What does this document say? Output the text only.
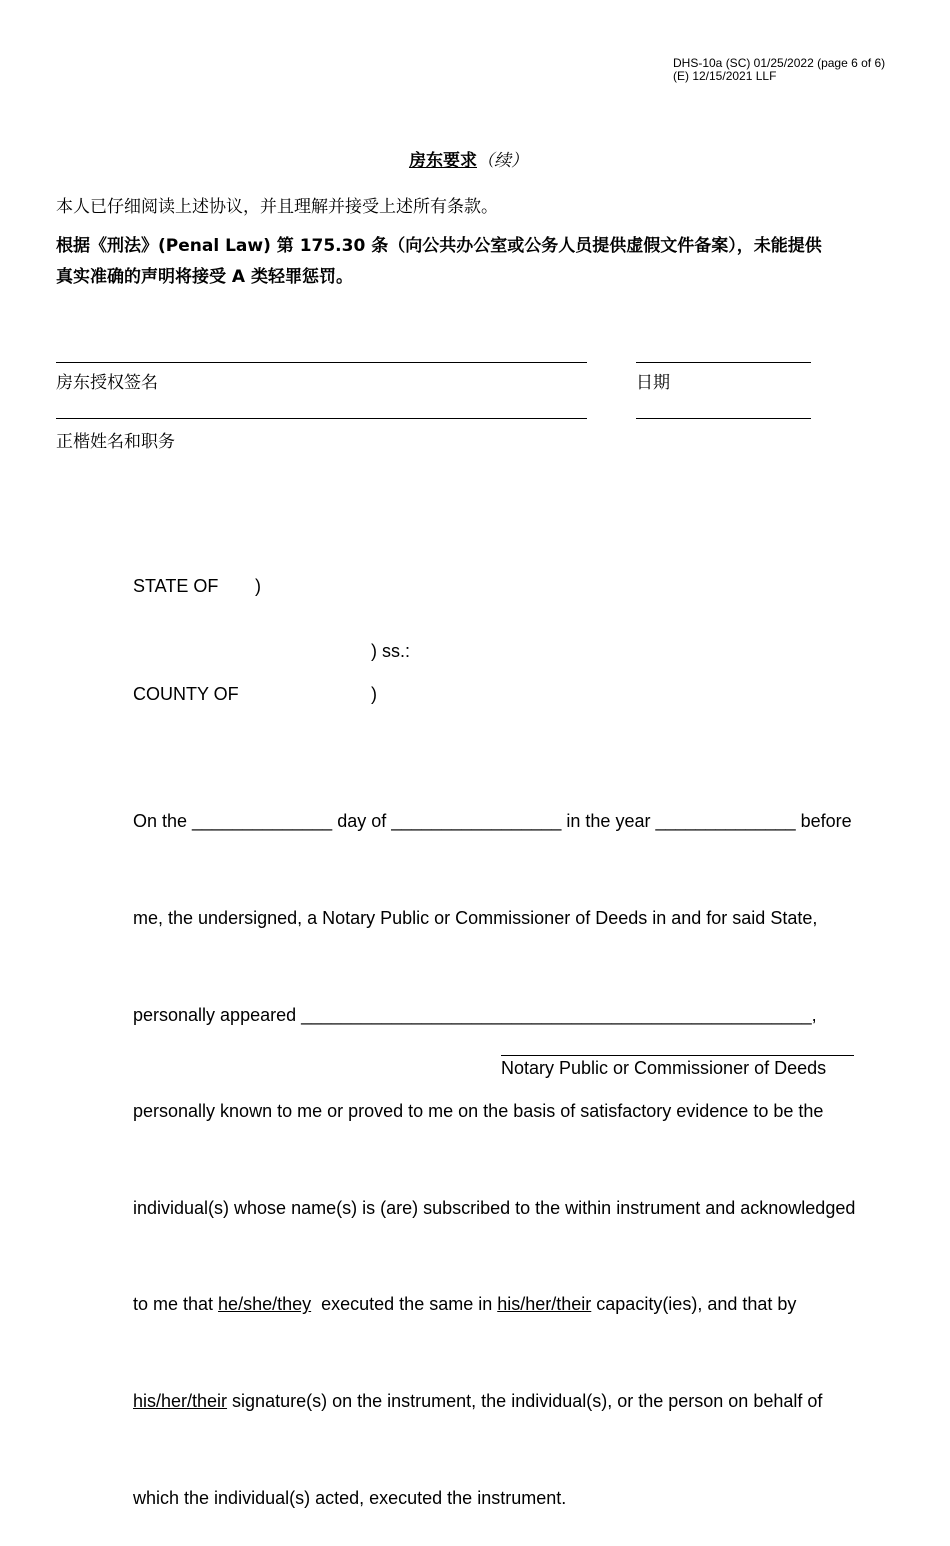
DHS-10a (SC) 01/25/2022 (page 6 of 6)
(E) 12/15/2021 LLF
房东要求（续）
本人已仔细阅读上述协议，并且理解并接受上述所有条款。
根据《刑法》(Penal Law) 第 175.30 条（向公共办公室或公务人员提供虚假文件备案），未能提供
真实准确的声明将接受 A 类轻罪惩罚。
房东授权签名	日期
正楷姓名和职务
STATE OF )
) ss.:
COUNTY OF	)

On the ______________ day of _________________ in the year ______________ before

me, the undersigned, a Notary Public or Commissioner of Deeds in and for said State,

personally appeared ___________________________________________________,

personally known to me or proved to me on the basis of satisfactory evidence to be the

individual(s) whose name(s) is (are) subscribed to the within instrument and acknowledged

to me that he/she/they  executed the same in his/her/their capacity(ies), and that by

his/her/their signature(s) on the instrument, the individual(s), or the person on behalf of

which the individual(s) acted, executed the instrument.

Notary Public or Commissioner of Deeds
